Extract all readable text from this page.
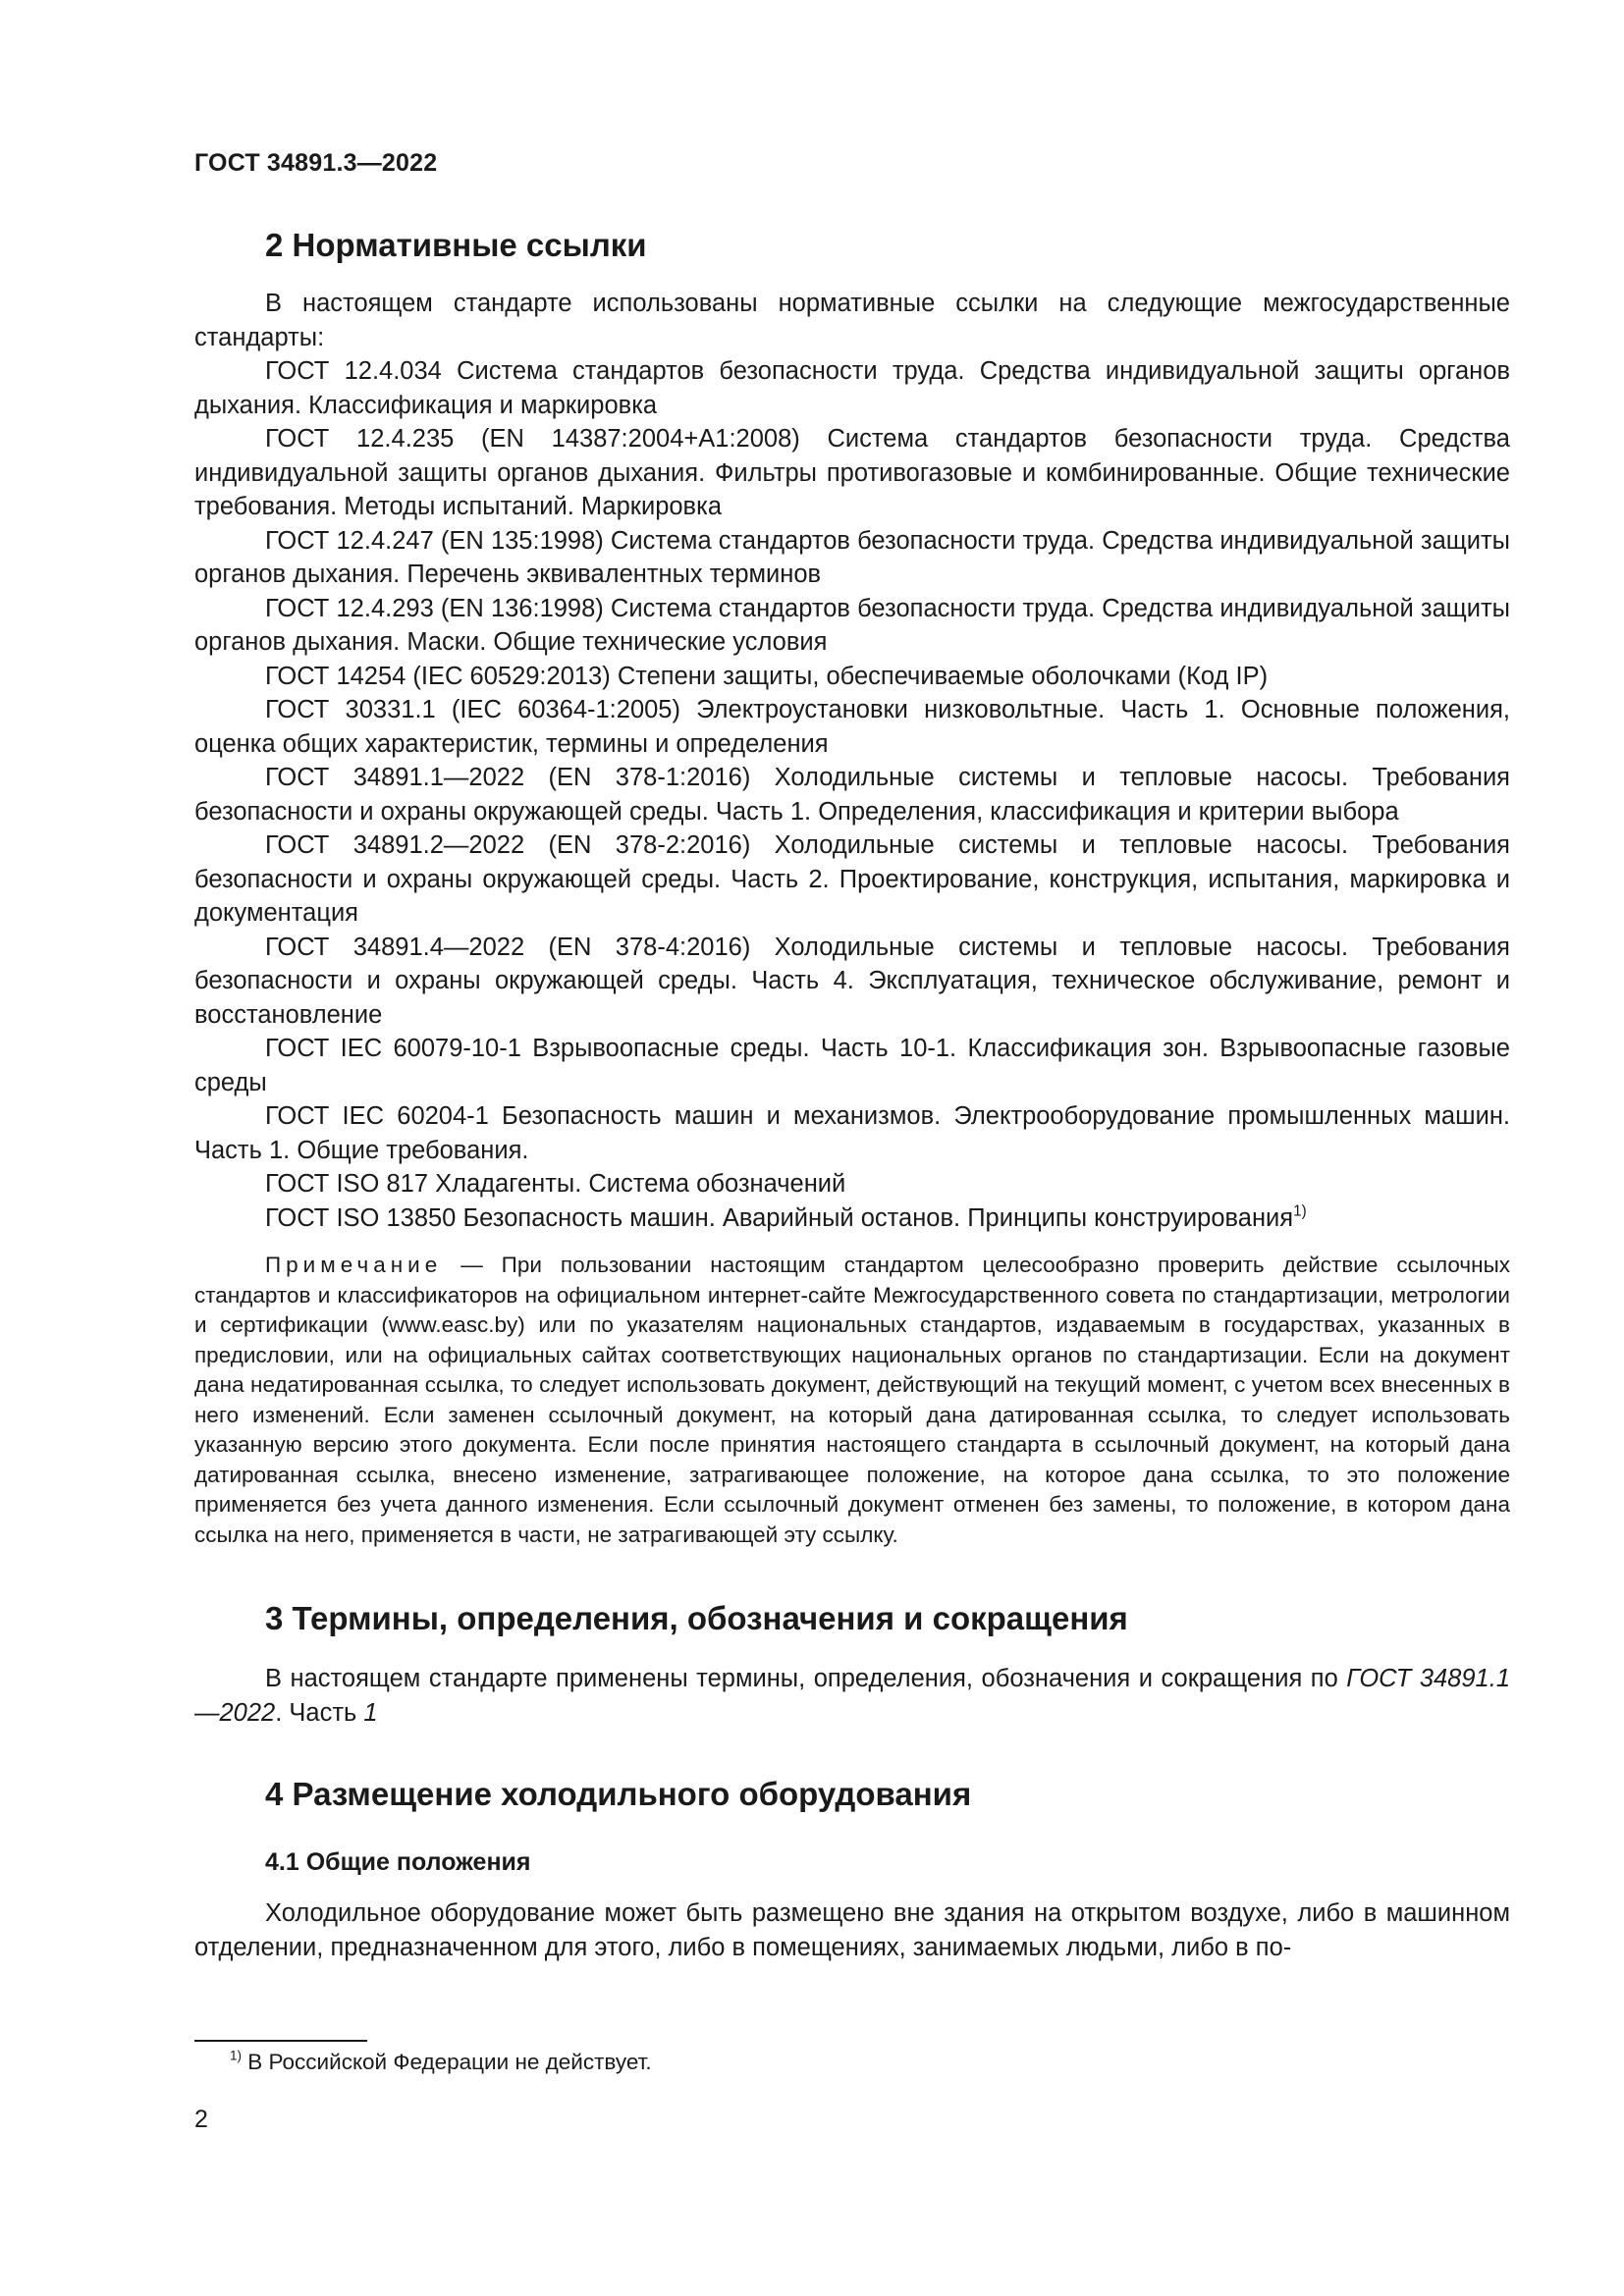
ГОСТ 34891.3—2022
2 Нормативные ссылки

В настоящем стандарте использованы нормативные ссылки на следующие межгосударственные стандарты:

ГОСТ 12.4.034 Система стандартов безопасности труда. Средства индивидуальной защиты органов дыхания. Классификация и маркировка

ГОСТ 12.4.235 (EN 14387:2004+A1:2008) Система стандартов безопасности труда. Средства индивидуальной защиты органов дыхания. Фильтры противогазовые и комбинированные. Общие технические требования. Методы испытаний. Маркировка

ГОСТ 12.4.247 (EN 135:1998) Система стандартов безопасности труда. Средства индивидуальной защиты органов дыхания. Перечень эквивалентных терминов

ГОСТ 12.4.293 (EN 136:1998) Система стандартов безопасности труда. Средства индивидуальной защиты органов дыхания. Маски. Общие технические условия

ГОСТ 14254 (IEC 60529:2013) Степени защиты, обеспечиваемые оболочками (Код IP)

ГОСТ 30331.1 (IEC 60364-1:2005) Электроустановки низковольтные. Часть 1. Основные положения, оценка общих характеристик, термины и определения

ГОСТ 34891.1—2022 (EN 378-1:2016) Холодильные системы и тепловые насосы. Требования безопасности и охраны окружающей среды. Часть 1. Определения, классификация и критерии выбора

ГОСТ 34891.2—2022 (EN 378-2:2016) Холодильные системы и тепловые насосы. Требования безопасности и охраны окружающей среды. Часть 2. Проектирование, конструкция, испытания, маркировка и документация

ГОСТ 34891.4—2022 (EN 378-4:2016) Холодильные системы и тепловые насосы. Требования безопасности и охраны окружающей среды. Часть 4. Эксплуатация, техническое обслуживание, ремонт и восстановление

ГОСТ IEC 60079-10-1 Взрывоопасные среды. Часть 10-1. Классификация зон. Взрывоопасные газовые среды

ГОСТ IEC 60204-1 Безопасность машин и механизмов. Электрооборудование промышленных машин. Часть 1. Общие требования.

ГОСТ ISO 817 Хладагенты. Система обозначений

ГОСТ ISO 13850 Безопасность машин. Аварийный останов. Принципы конструирования$^{1)}$

Примечание — При пользовании настоящим стандартом целесообразно проверить действие ссылочных стандартов и классификаторов на официальном интернет-сайте Межгосударственного совета по стандартизации, метрологии и сертификации (www.easc.by) или по указателям национальных стандартов, издаваемым в государствах, указанных в предисловии, или на официальных сайтах соответствующих национальных органов по стандартизации. Если на документ дана недатированная ссылка, то следует использовать документ, действующий на текущий момент, с учетом всех внесенных в него изменений. Если заменен ссылочный документ, на который дана датированная ссылка, то следует использовать указанную версию этого документа. Если после принятия настоящего стандарта в ссылочный документ, на который дана датированная ссылка, внесено изменение, затрагивающее положение, на которое дана ссылка, то это положение применяется без учета данного изменения. Если ссылочный документ отменен без замены, то положение, в котором дана ссылка на него, применяется в части, не затрагивающей эту ссылку.

3 Термины, определения, обозначения и сокращения

В настоящем стандарте применены термины, определения, обозначения и сокращения по ГОСТ 34891.1—2022. Часть 1

4 Размещение холодильного оборудования
4.1 Общие положения

Холодильное оборудование может быть размещено вне здания на открытом воздухе, либо в машинном отделении, предназначенном для этого, либо в помещениях, занимаемых людьми, либо в по-

$^{1)}$ В Российской Федерации не действует.
2
